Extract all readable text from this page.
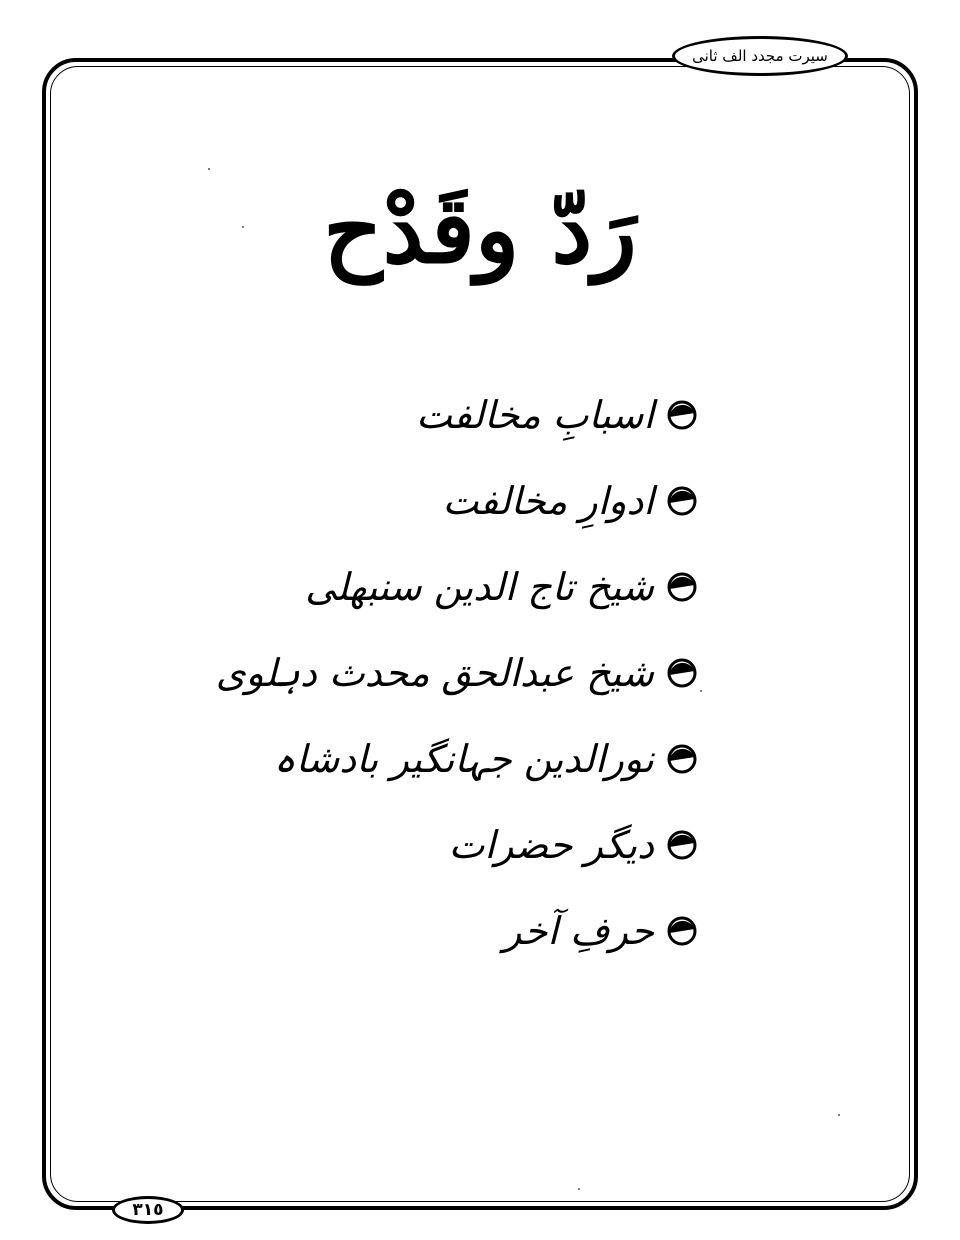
سیرت مجدد الف ثانی
رَدّ وقَدْح
اسبابِ مخالفت
ادوارِ مخالفت
شیخ تاج الدین سنبھلی
شیخ عبدالحق محدث دہلوی
نورالدین جہانگیر بادشاہ
دیگر حضرات
حرفِ آخر
٣١٥
